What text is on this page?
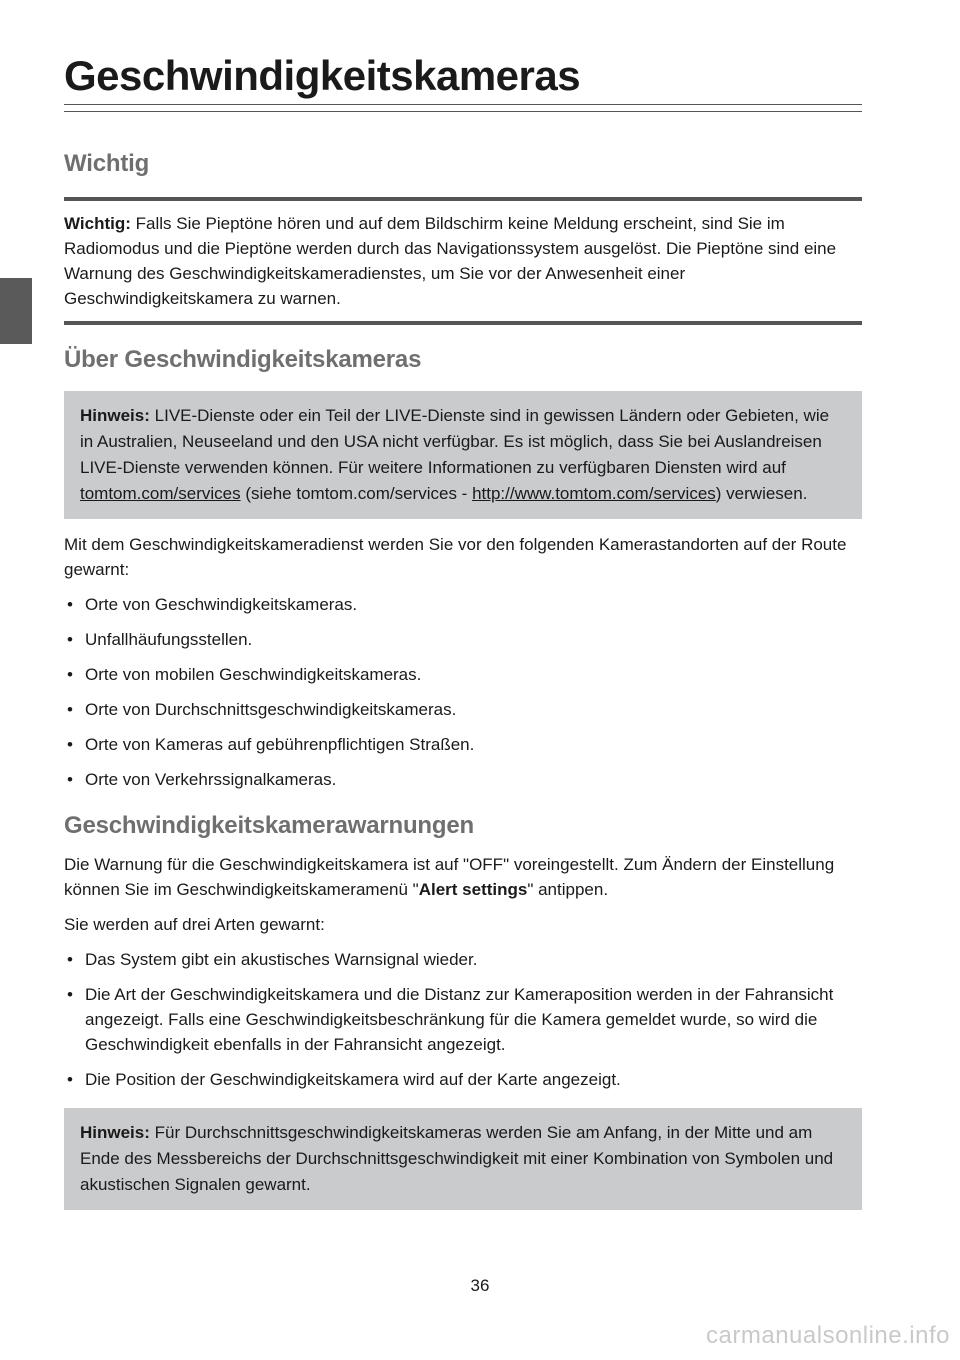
Geschwindigkeitskameras
Wichtig

Wichtig: Falls Sie Pieptöne hören und auf dem Bildschirm keine Meldung erscheint, sind Sie im Radiomodus und die Pieptöne werden durch das Navigationssystem ausgelöst. Die Pieptöne sind eine Warnung des Geschwindigkeitskameradienstes, um Sie vor der Anwesenheit einer Geschwindigkeitskamera zu warnen.

Über Geschwindigkeitskameras

Hinweis: LIVE-Dienste oder ein Teil der LIVE-Dienste sind in gewissen Ländern oder Gebieten, wie in Australien, Neuseeland und den USA nicht verfügbar. Es ist möglich, dass Sie bei Auslandreisen LIVE-Dienste verwenden können. Für weitere Informationen zu verfügbaren Diensten wird auf tomtom.com/services (siehe tomtom.com/services - http://www.tomtom.com/services) verwiesen.

Mit dem Geschwindigkeitskameradienst werden Sie vor den folgenden Kamerastandorten auf der Route gewarnt:

• Orte von Geschwindigkeitskameras.
• Unfallhäufungsstellen.
• Orte von mobilen Geschwindigkeitskameras.
• Orte von Durchschnittsgeschwindigkeitskameras.
• Orte von Kameras auf gebührenpflichtigen Straßen.
• Orte von Verkehrssignalkameras.
Geschwindigkeitskamerawarnungen

Die Warnung für die Geschwindigkeitskamera ist auf "OFF" voreingestellt. Zum Ändern der Einstellung können Sie im Geschwindigkeitskameramenü "Alert settings" antippen.

Sie werden auf drei Arten gewarnt:

• Das System gibt ein akustisches Warnsignal wieder.
• Die Art der Geschwindigkeitskamera und die Distanz zur Kameraposition werden in der Fahransicht angezeigt. Falls eine Geschwindigkeitsbeschränkung für die Kamera gemeldet wurde, so wird die Geschwindigkeit ebenfalls in der Fahransicht angezeigt.
• Die Position der Geschwindigkeitskamera wird auf der Karte angezeigt.

Hinweis: Für Durchschnittsgeschwindigkeitskameras werden Sie am Anfang, in der Mitte und am Ende des Messbereichs der Durchschnittsgeschwindigkeit mit einer Kombination von Symbolen und akustischen Signalen gewarnt.

36
carmanualsonline.info
